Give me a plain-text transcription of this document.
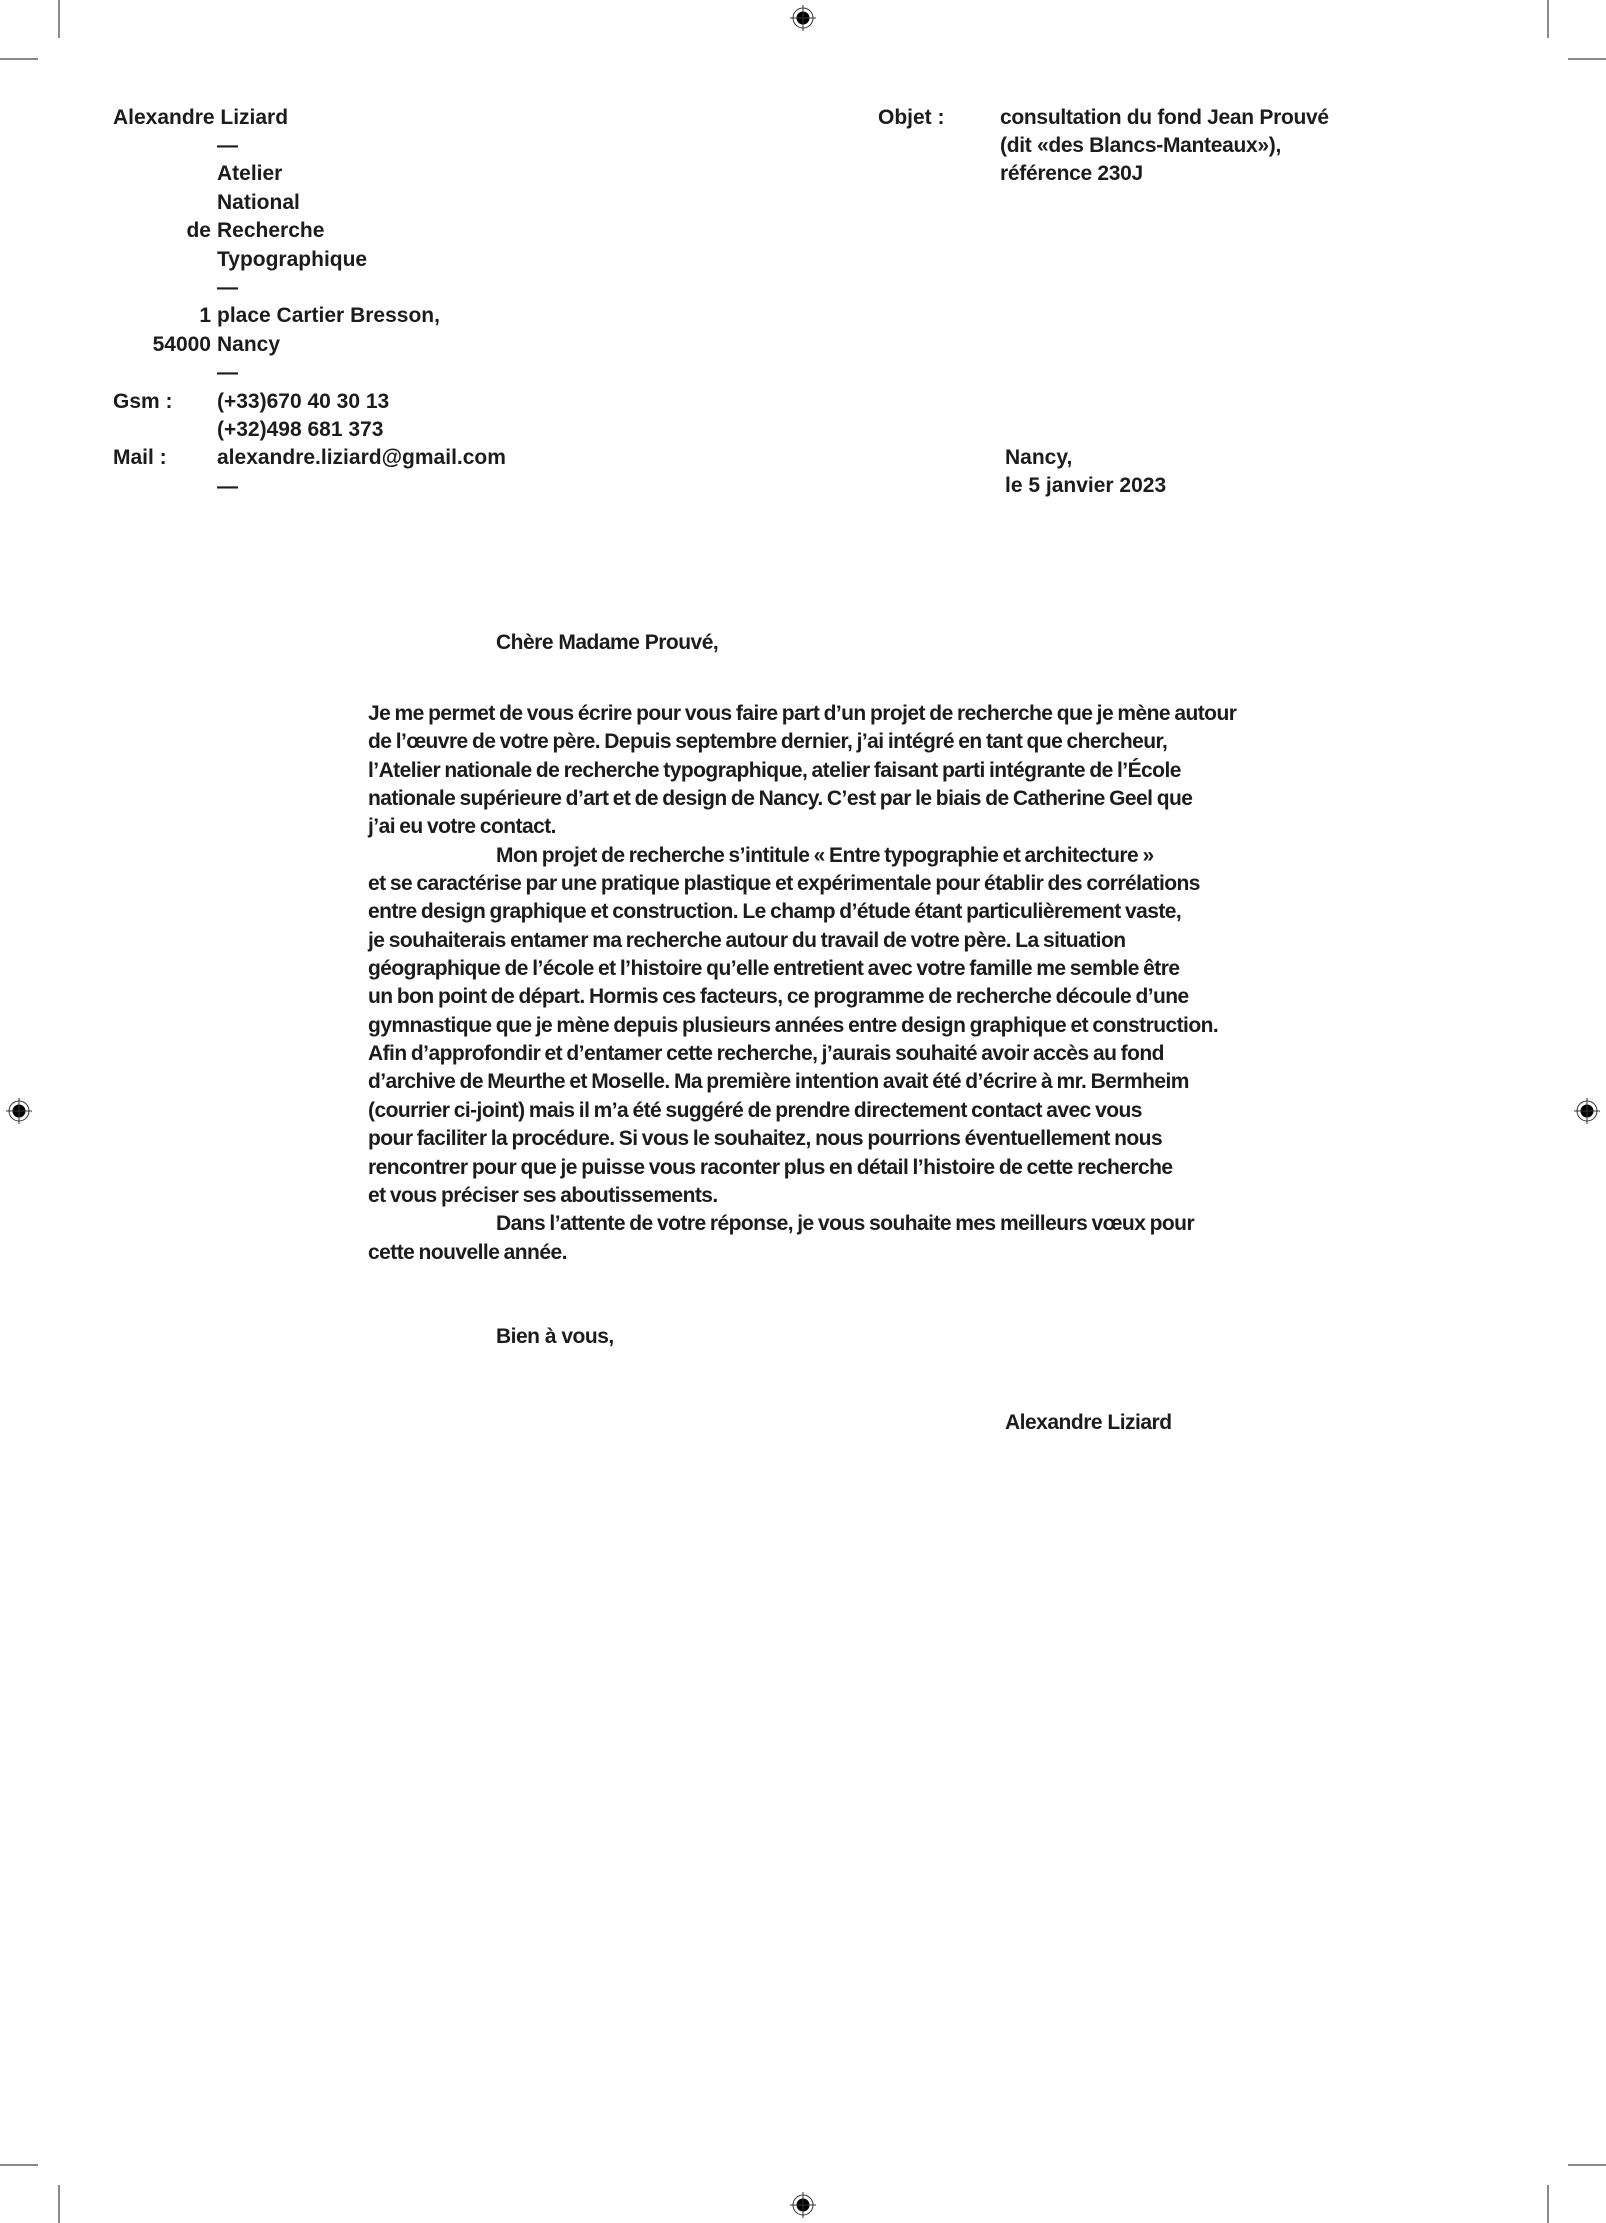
Alexandre Liziard
—
Atelier
National
de Recherche
Typographique
—
1 place Cartier Bresson,
54000 Nancy
—
Gsm : (+33)670 40 30 13
(+32)498 681 373
Mail : alexandre.liziard@gmail.com
—
Objet :	consultation du fond Jean Prouvé
(dit «des Blancs-Manteaux»),
référence 230J
Nancy,
le 5 janvier 2023
Chère Madame Prouvé,
Je me permet de vous écrire pour vous faire part d’un projet de recherche que je mène autour
de l’œuvre de votre père. Depuis septembre dernier, j’ai intégré en tant que chercheur,
l’Atelier nationale de recherche typographique, atelier faisant parti intégrante de l’École
nationale supérieure d’art et de design de Nancy. C’est par le biais de Catherine Geel que
j’ai eu votre contact.
Mon projet de recherche s’intitule « Entre typographie et architecture »
et se caractérise par une pratique plastique et expérimentale pour établir des corrélations
entre design graphique et construction. Le champ d’étude étant particulièrement vaste,
je souhaiterais entamer ma recherche autour du travail de votre père. La situation
géographique de l’école et l’histoire qu’elle entretient avec votre famille me semble être
un bon point de départ. Hormis ces facteurs, ce programme de recherche découle d’une
gymnastique que je mène depuis plusieurs années entre design graphique et construction.
Afin d’approfondir et d’entamer cette recherche, j’aurais souhaité avoir accès au fond
d’archive de Meurthe et Moselle. Ma première intention avait été d’écrire à mr. Bermheim
(courrier ci-joint) mais il m’a été suggéré de prendre directement contact avec vous
pour faciliter la procédure. Si vous le souhaitez, nous pourrions éventuellement nous
rencontrer pour que je puisse vous raconter plus en détail l’histoire de cette recherche
et vous préciser ses aboutissements.
Dans l’attente de votre réponse, je vous souhaite mes meilleurs vœux pour
cette nouvelle année.
Bien à vous,
Alexandre Liziard
